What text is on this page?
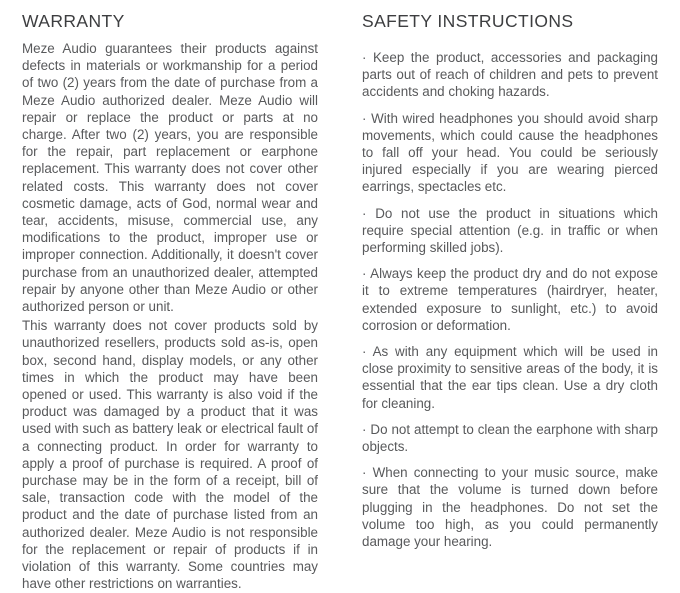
WARRANTY

Meze Audio guarantees their products against defects in materials or workmanship for a period of two (2) years from the date of purchase from a Meze Audio authorized dealer. Meze Audio will repair or replace the product or parts at no charge. After two (2) years, you are responsible for the repair, part replacement or earphone replacement. This warranty does not cover other related costs. This warranty does not cover cosmetic damage, acts of God, normal wear and tear, accidents, misuse, commercial use, any modifications to the product, improper use or improper connection. Additionally, it doesn't cover purchase from an unauthorized dealer, attempted repair by anyone other than Meze Audio or other authorized person or unit.

This warranty does not cover products sold by unauthorized resellers, products sold as-is, open box, second hand, display models, or any other times in which the product may have been opened or used. This warranty is also void if the product was damaged by a product that it was used with such as battery leak or electrical fault of a connecting product. In order for warranty to apply a proof of purchase is required. A proof of purchase may be in the form of a receipt, bill of sale, transaction code with the model of the product and the date of purchase listed from an authorized dealer. Meze Audio is not responsible for the replacement or repair of products if in violation of this warranty. Some countries may have other restrictions on warranties.

SAFETY INSTRUCTIONS

· Keep the product, accessories and packaging parts out of reach of children and pets to prevent accidents and choking hazards.

· With wired headphones you should avoid sharp movements, which could cause the headphones to fall off your head. You could be seriously injured especially if you are wearing pierced earrings, spectacles etc.

· Do not use the product in situations which require special attention (e.g. in traffic or when performing skilled jobs).

· Always keep the product dry and do not expose it to extreme temperatures (hairdryer, heater, extended exposure to sunlight, etc.) to avoid corrosion or deformation.

· As with any equipment which will be used in close proximity to sensitive areas of the body, it is essential that the ear tips clean. Use a dry cloth for cleaning.

· Do not attempt to clean the earphone with sharp objects.

· When connecting to your music source, make sure that the volume is turned down before plugging in the headphones. Do not set the volume too high, as you could permanently damage your hearing.
